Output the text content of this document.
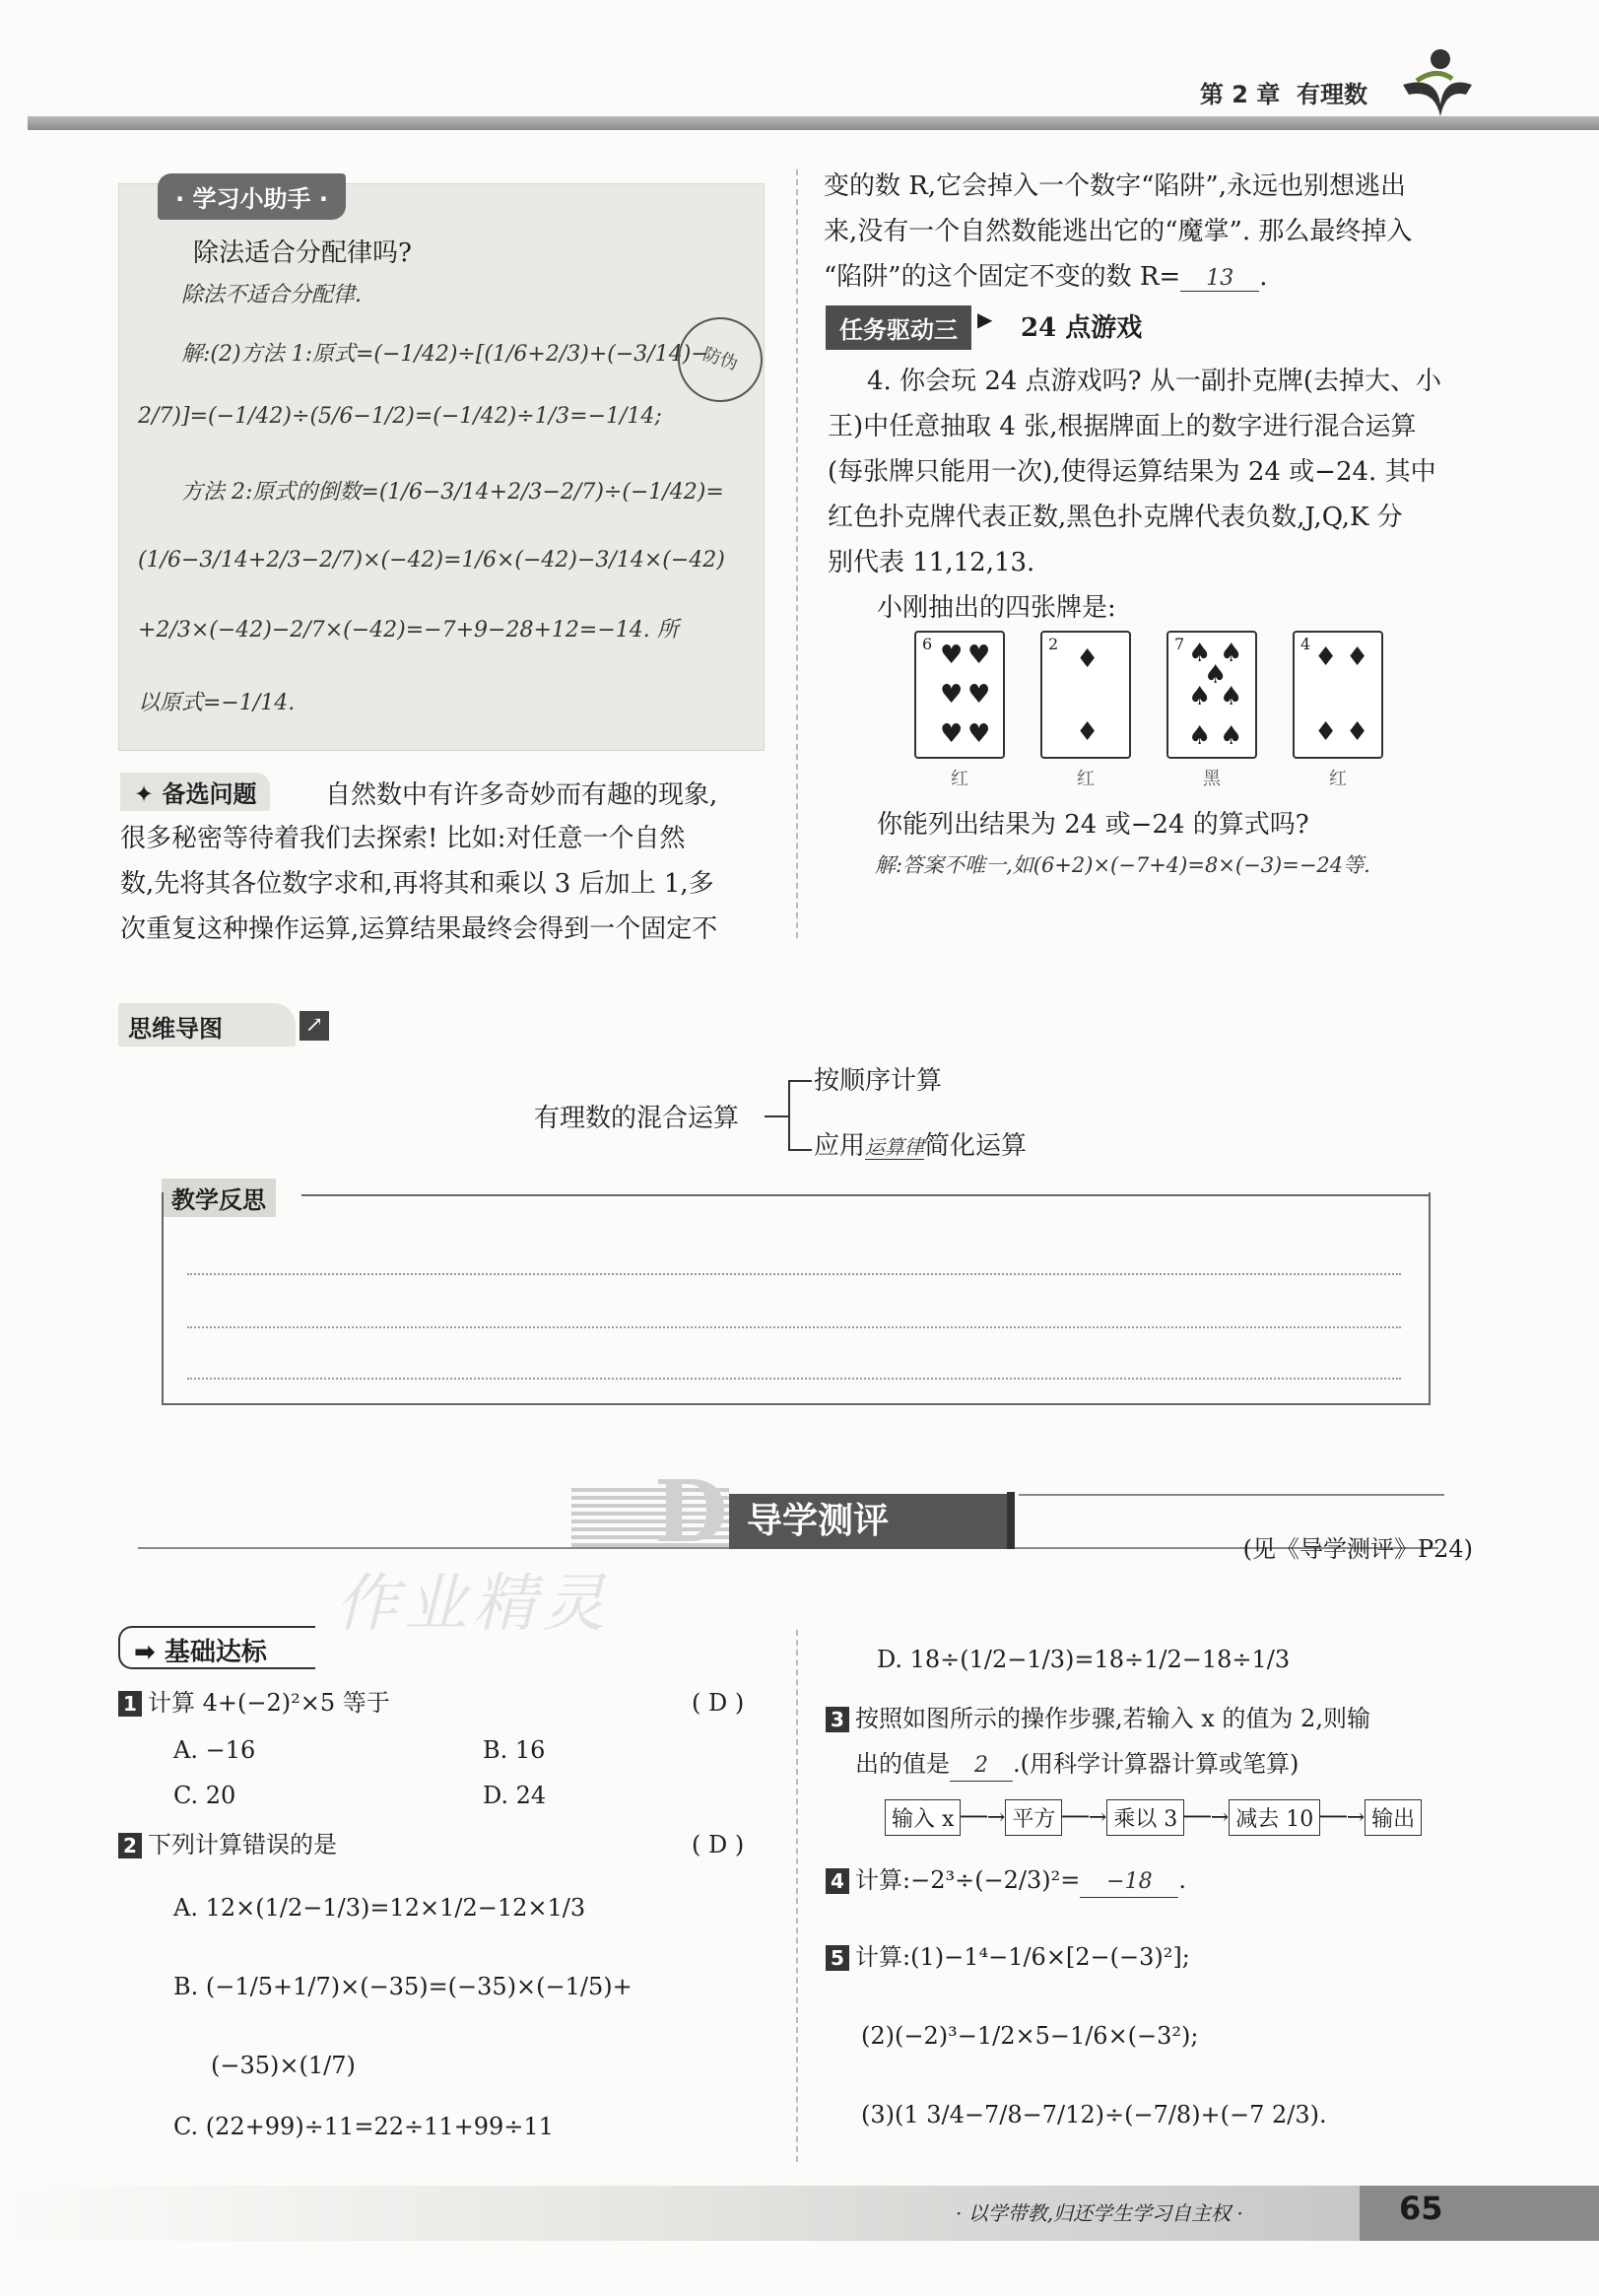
第 2 章 有理数
· 学习小助手 ·
除法适合分配律吗?
除法不适合分配律.
解:(2)方法 1:原式=(−1/42)÷[(1/6+2/3)+(−3/14)−
2/7)]=(−1/42)÷(5/6−1/2)=(−1/42)÷1/3=−1/14;
方法 2:原式的倒数=(1/6−3/14+2/3−2/7)÷(−1/42)=
(1/6−3/14+2/3−2/7)×(−42)=1/6×(−42)−3/14×(−42)
+2/3×(−42)−2/7×(−42)=−7+9−28+12=−14. 所
以原式=−1/14.
防伪
✦ 备选问题	自然数中有许多奇妙而有趣的现象,
很多秘密等待着我们去探索! 比如:对任意一个自然
数,先将其各位数字求和,再将其和乘以 3 后加上 1,多
次重复这种操作运算,运算结果最终会得到一个固定不
变的数 R,它会掉入一个数字“陷阱”,永远也别想逃出
来,没有一个自然数能逃出它的“魔掌”. 那么最终掉入
“陷阱”的这个固定不变的数 R= 13 .
任务驱动三	▶ 24 点游戏
4. 你会玩 24 点游戏吗? 从一副扑克牌(去掉大、小
王)中任意抽取 4 张,根据牌面上的数字进行混合运算
(每张牌只能用一次),使得运算结果为 24 或−24. 其中
红色扑克牌代表正数,黑色扑克牌代表负数,J,Q,K 分
别代表 11,12,13.
小刚抽出的四张牌是:
6 ♥ ♥
♥ ♥
♥ ♥
2
♦
♦
7 ♠ ♠
♠
♠ ♠
♠ ♠
4 ♦ ♦
♦ ♦
红	红	黑	红
你能列出结果为 24 或−24 的算式吗?
解:答案不唯一,如(6+2)×(−7+4)=8×(−3)=−24等.
思维导图	↗
有理数的混合运算
按顺序计算
应用运算律简化运算
教学反思
D 导学测评
(见《导学测评》P24)
作业精灵
➡ 基础达标
1 计算 4+(−2)²×5 等于	( D )
A. −16	B. 16
C. 20	D. 24
2 下列计算错误的是	( D )
A. 12×(1/2−1/3)=12×1/2−12×1/3
B. (−1/5+1/7)×(−35)=(−35)×(−1/5)+
(−35)×(1/7)
C. (22+99)÷11=22÷11+99÷11
D. 18÷(1/2−1/3)=18÷1/2−18÷1/3
3 按照如图所示的操作步骤,若输入 x 的值为 2,则输
出的值是 2 .(用科学计算器计算或笔算)
输入 x ──→ 平方 ──→ 乘以 3 ──→ 减去 10 ──→ 输出
4 计算:−2³÷(−2/3)²= −18 .
5 计算:(1)−1⁴−1/6×[2−(−3)²];
(2)(−2)³−1/2×5−1/6×(−3²);
(3)(1 3/4−7/8−7/12)÷(−7/8)+(−7 2/3).
· 以学带教,归还学生学习自主权 ·	65
